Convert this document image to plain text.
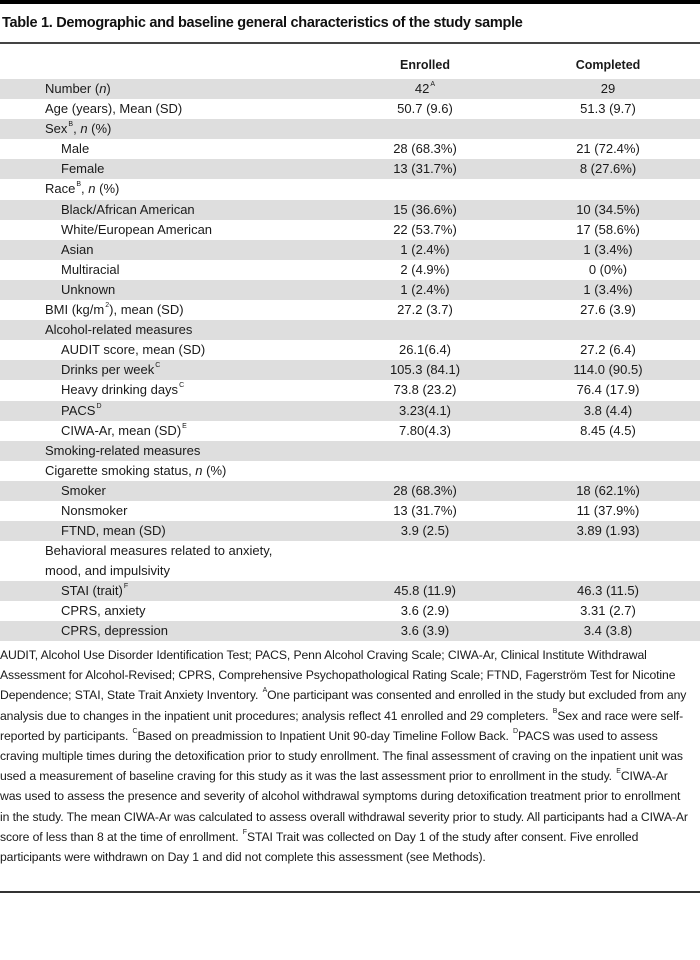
Table 1. Demographic and baseline general characteristics of the study sample
Enrolled	Completed
Number (n)	$42^A$	29
Age (years), Mean (SD)	50.7 (9.6)	51.3 (9.7)
Sex$^B$, n (%)
Male	28 (68.3%)	21 (72.4%)
Female	13 (31.7%)	8 (27.6%)
Race$^B$, n (%)
Black/African American	15 (36.6%)	10 (34.5%)
White/European American	22 (53.7%)	17 (58.6%)
Asian	1 (2.4%)	1 (3.4%)
Multiracial	2 (4.9%)	0 (0%)
Unknown	1 (2.4%)	1 (3.4%)
BMI $(kg/m^2)$, mean (SD)	27.2 (3.7)	27.6 (3.9)
Alcohol-related measures
AUDIT score, mean (SD)	26.1(6.4)	27.2 (6.4)
Drinks per week$^C$	105.3 (84.1)	114.0 (90.5)
Heavy drinking days$^C$	73.8 (23.2)	76.4 (17.9)
$PACS^D$	3.23(4.1)	3.8 (4.4)
CIWA-Ar, mean (SD)$^E$	7.80(4.3)	8.45 (4.5)
Smoking-related measures
Cigarette smoking status, n (%)
Smoker	28 (68.3%)	18 (62.1%)
Nonsmoker	13 (31.7%)	11 (37.9%)
FTND, mean (SD)	3.9 (2.5)	3.89 (1.93)
Behavioral measures related to anxiety, mood, and impulsivity
STAI (trait)$^F$	45.8 (11.9)	46.3 (11.5)
CPRS, anxiety	3.6 (2.9)	3.31 (2.7)
CPRS, depression	3.6 (3.9)	3.4 (3.8)
AUDIT, Alcohol Use Disorder Identification Test; PACS, Penn Alcohol Craving Scale; CIWA-Ar, Clinical Institute Withdrawal Assessment for Alcohol-Revised; CPRS, Comprehensive Psychopathological Rating Scale; FTND, Fagerström Test for Nicotine Dependence; STAI, State Trait Anxiety Inventory. $^A$One participant was consented and enrolled in the study but excluded from any analysis due to changes in the inpatient unit procedures; analysis reflect 41 enrolled and 29 completers. $^B$Sex and race were self-reported by participants. $^C$Based on preadmission to Inpatient Unit 90-day Timeline Follow Back. $^D$PACS was used to assess craving multiple times during the detoxification prior to study enrollment. The final assessment of craving on the inpatient unit was used a measurement of baseline craving for this study as it was the last assessment prior to enrollment in the study. $^E$CIWA-Ar was used to assess the presence and severity of alcohol withdrawal symptoms during detoxification treatment prior to enrollment in the study. The mean CIWA-Ar was calculated to assess overall withdrawal severity prior to study. All participants had a CIWA-Ar score of less than 8 at the time of enrollment. $^F$STAI Trait was collected on Day 1 of the study after consent. Five enrolled participants were withdrawn on Day 1 and did not complete this assessment (see Methods).
